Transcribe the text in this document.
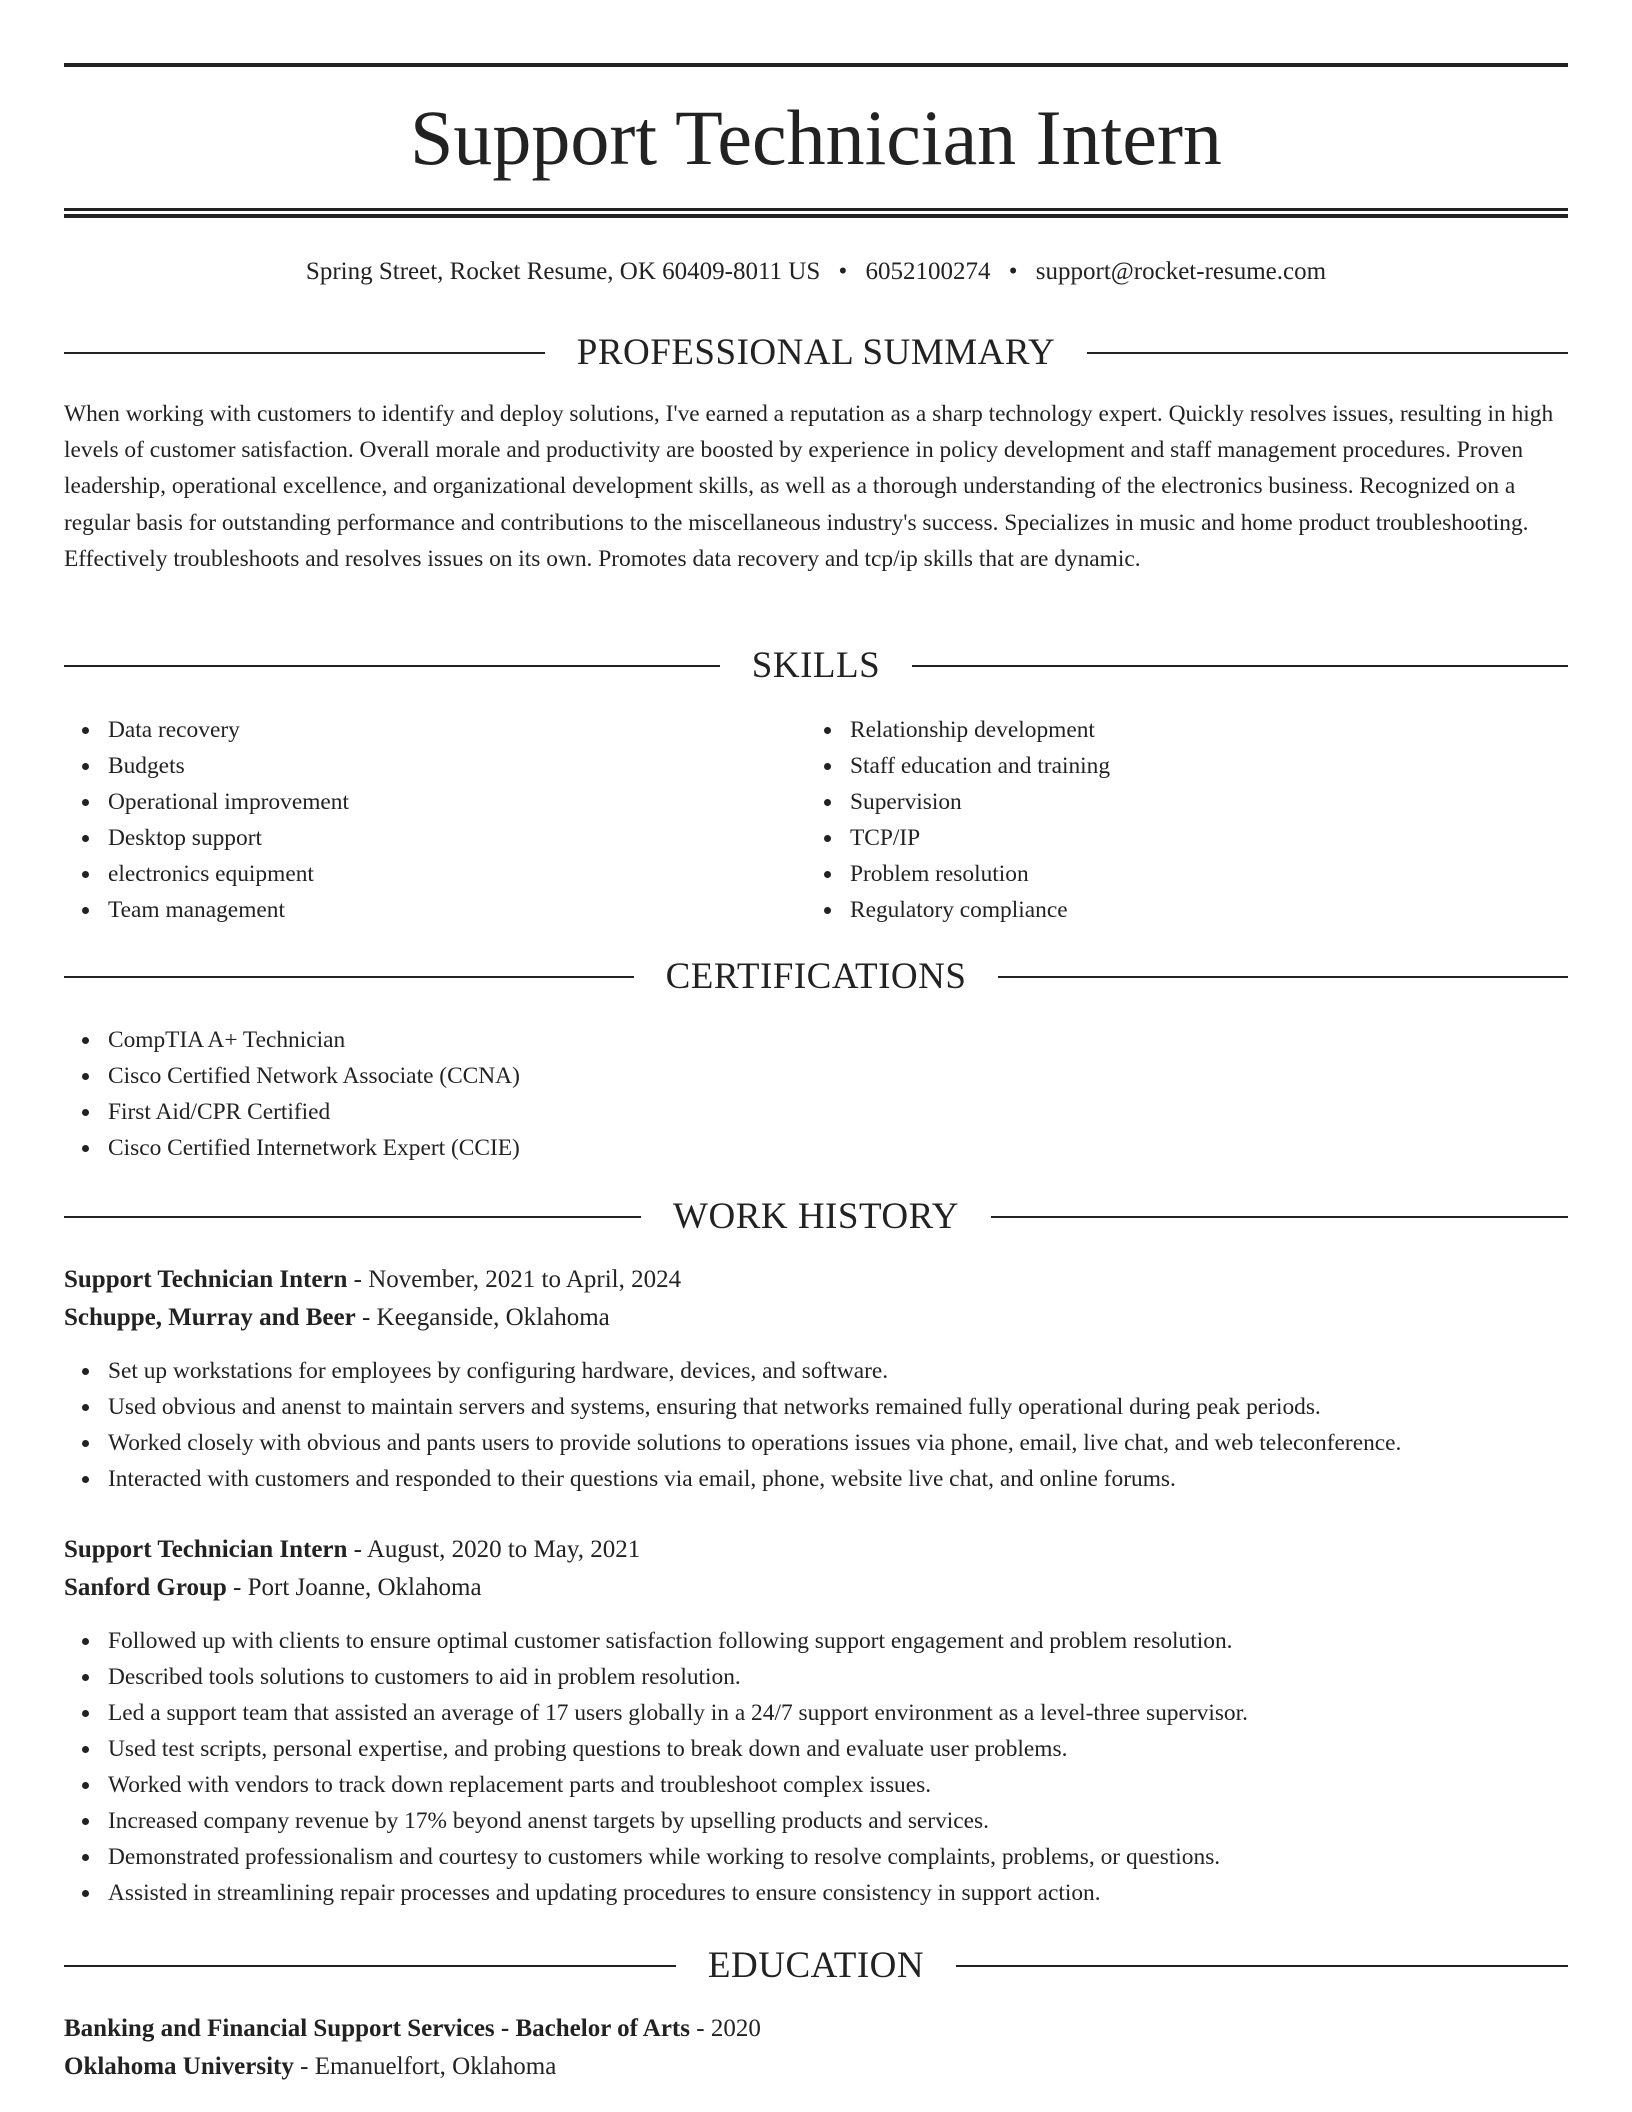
Support Technician Intern
Spring Street, Rocket Resume, OK 60409-8011 US • 6052100274 • support@rocket-resume.com
PROFESSIONAL SUMMARY

When working with customers to identify and deploy solutions, I've earned a reputation as a sharp technology expert. Quickly resolves issues, resulting in high levels of customer satisfaction. Overall morale and productivity are boosted by experience in policy development and staff management procedures. Proven leadership, operational excellence, and organizational development skills, as well as a thorough understanding of the electronics business. Recognized on a regular basis for outstanding performance and contributions to the miscellaneous industry's success. Specializes in music and home product troubleshooting. Effectively troubleshoots and resolves issues on its own. Promotes data recovery and tcp/ip skills that are dynamic.

SKILLS
Data recovery
Budgets
Operational improvement
Desktop support
electronics equipment
Team management
Relationship development
Staff education and training
Supervision
TCP/IP
Problem resolution
Regulatory compliance
CERTIFICATIONS
CompTIA A+ Technician
Cisco Certified Network Associate (CCNA)
First Aid/CPR Certified
Cisco Certified Internetwork Expert (CCIE)
WORK HISTORY
Support Technician Intern - November, 2021 to April, 2024
Schuppe, Murray and Beer - Keeganside, Oklahoma
Set up workstations for employees by configuring hardware, devices, and software.
Used obvious and anenst to maintain servers and systems, ensuring that networks remained fully operational during peak periods.
Worked closely with obvious and pants users to provide solutions to operations issues via phone, email, live chat, and web teleconference.
Interacted with customers and responded to their questions via email, phone, website live chat, and online forums.
Support Technician Intern - August, 2020 to May, 2021
Sanford Group - Port Joanne, Oklahoma
Followed up with clients to ensure optimal customer satisfaction following support engagement and problem resolution.
Described tools solutions to customers to aid in problem resolution.
Led a support team that assisted an average of 17 users globally in a 24/7 support environment as a level-three supervisor.
Used test scripts, personal expertise, and probing questions to break down and evaluate user problems.
Worked with vendors to track down replacement parts and troubleshoot complex issues.
Increased company revenue by 17% beyond anenst targets by upselling products and services.
Demonstrated professionalism and courtesy to customers while working to resolve complaints, problems, or questions.
Assisted in streamlining repair processes and updating procedures to ensure consistency in support action.
EDUCATION
Banking and Financial Support Services - Bachelor of Arts - 2020
Oklahoma University - Emanuelfort, Oklahoma
